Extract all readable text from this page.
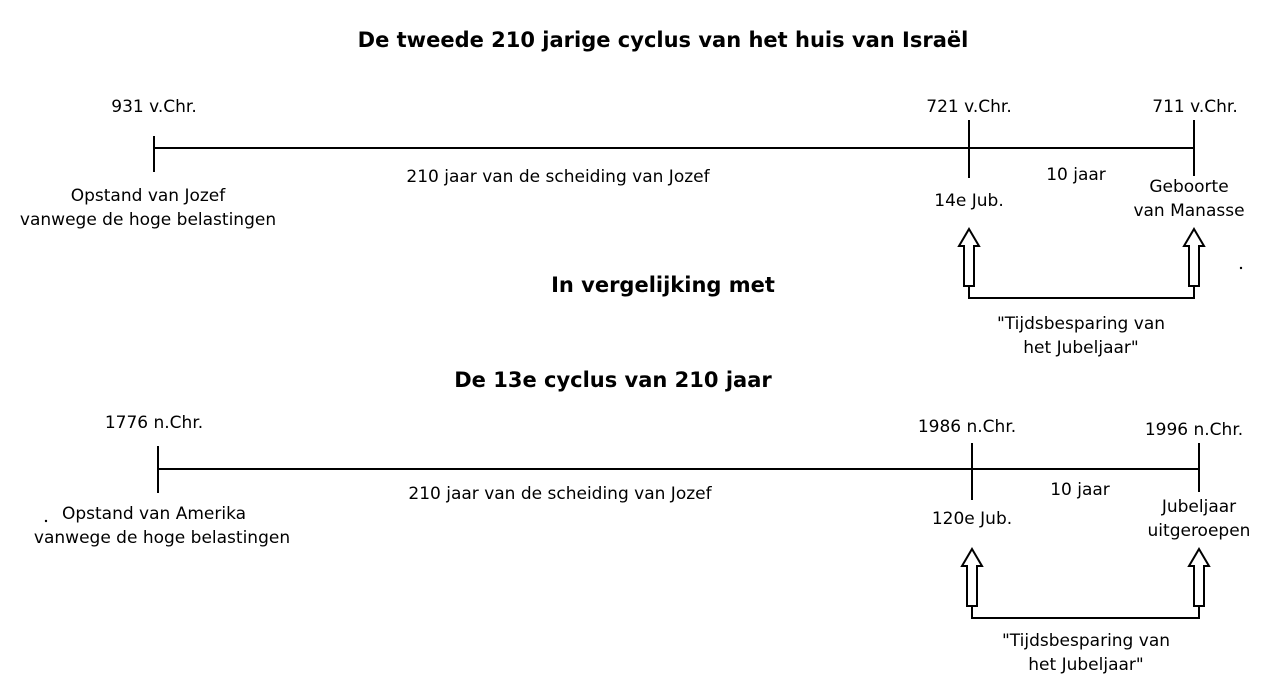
De tweede 210 jarige cyclus van het huis van Israël
In vergelijking met
De 13e cyclus van 210 jaar
931 v.Chr.	721 v.Chr.	711 v.Chr.
210 jaar van de scheiding van Jozef	10 jaar
Opstand van Jozef
vanwege de hoge belastingen
14e Jub.
Geboorte
van Manasse
"Tijdsbesparing van
het Jubeljaar"
1776 n.Chr.	1986 n.Chr.	1996 n.Chr.
210 jaar van de scheiding van Jozef	10 jaar
Opstand van Amerika
vanwege de hoge belastingen
120e Jub.
Jubeljaar
uitgeroepen
"Tijdsbesparing van
het Jubeljaar"
